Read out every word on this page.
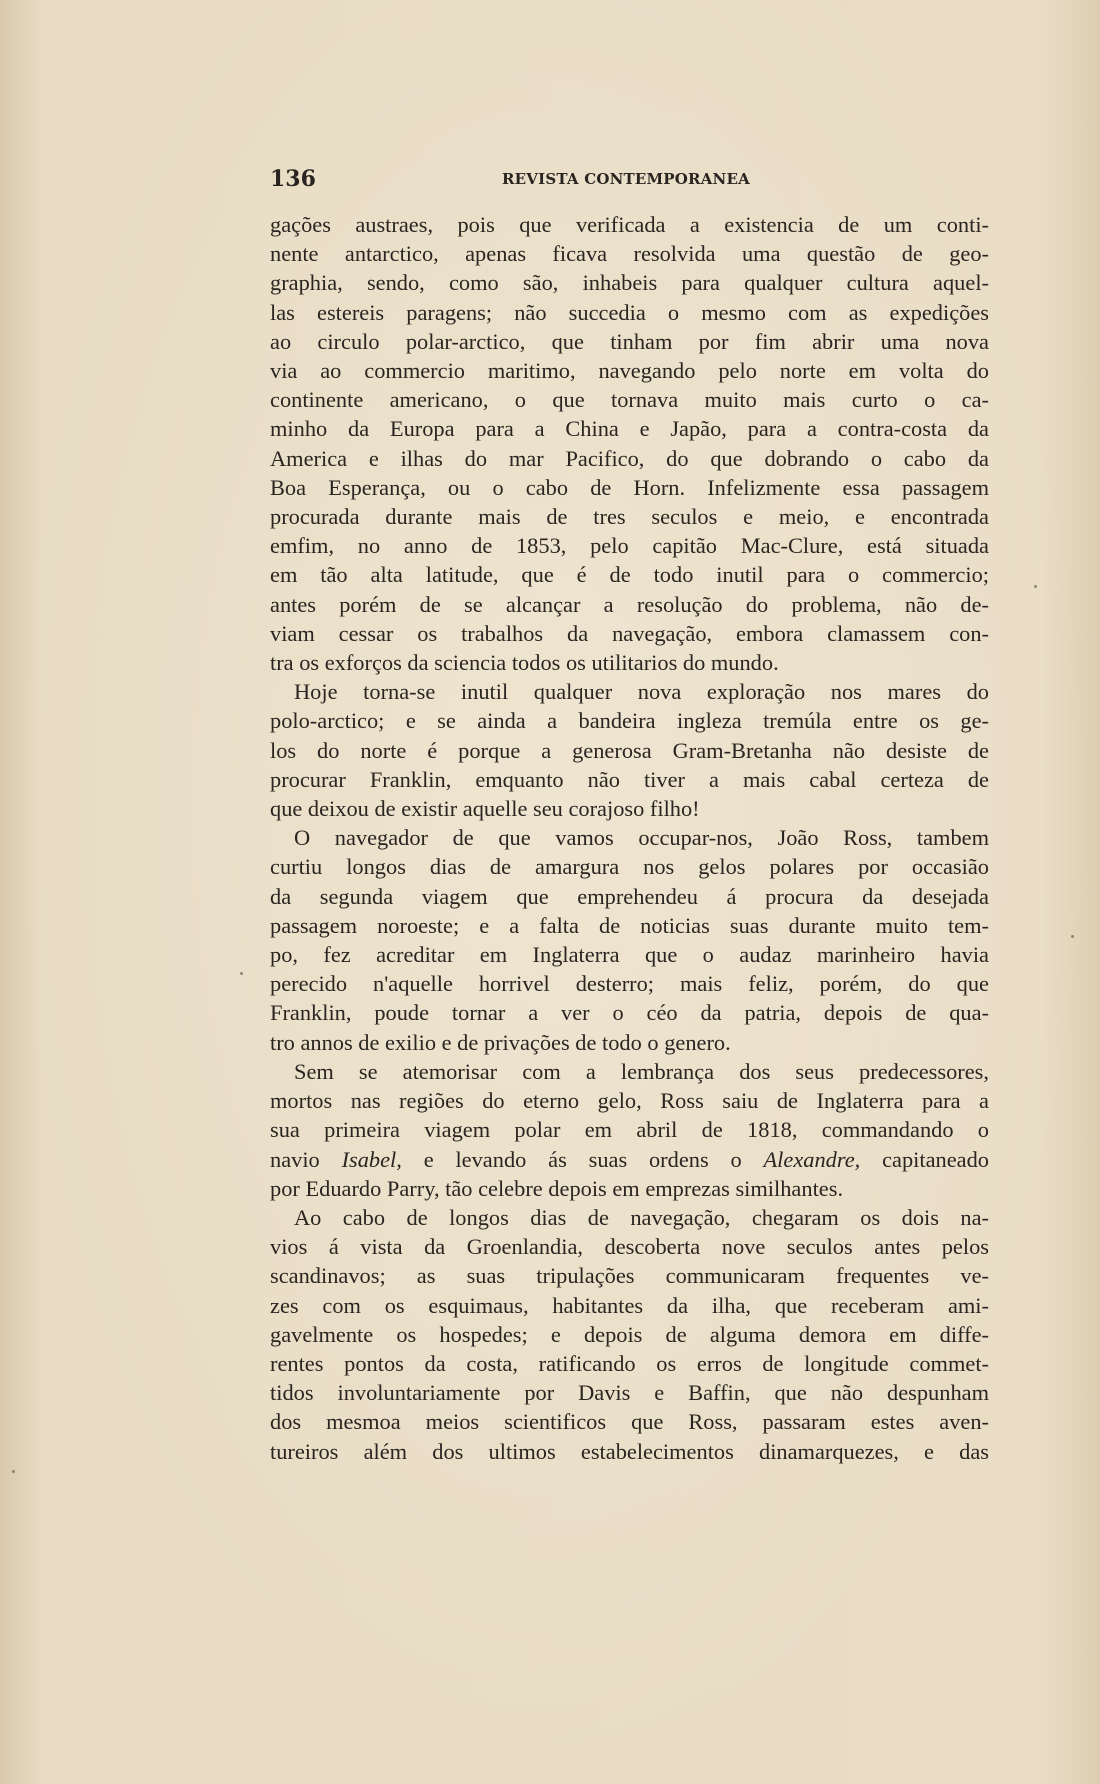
136	REVISTA CONTEMPORANEA

gações austraes, pois que verificada a existencia de um conti-

nente antarctico, apenas ficava resolvida uma questão de geo-

graphia, sendo, como são, inhabeis para qualquer cultura aquel-

las estereis paragens; não succedia o mesmo com as expedições

ao circulo polar-arctico, que tinham por fim abrir uma nova

via ao commercio maritimo, navegando pelo norte em volta do

continente americano, o que tornava muito mais curto o ca-

minho da Europa para a China e Japão, para a contra-costa da

America e ilhas do mar Pacifico, do que dobrando o cabo da

Boa Esperança, ou o cabo de Horn. Infelizmente essa passagem

procurada durante mais de tres seculos e meio, e encontrada

emfim, no anno de 1853, pelo capitão Mac-Clure, está situada

em tão alta latitude, que é de todo inutil para o commercio;

antes porém de se alcançar a resolução do problema, não de-

viam cessar os trabalhos da navegação, embora clamassem con-

tra os exforços da sciencia todos os utilitarios do mundo.

Hoje torna-se inutil qualquer nova exploração nos mares do

polo-arctico; e se ainda a bandeira ingleza tremúla entre os ge-

los do norte é porque a generosa Gram-Bretanha não desiste de

procurar Franklin, emquanto não tiver a mais cabal certeza de

que deixou de existir aquelle seu corajoso filho!

O navegador de que vamos occupar-nos, João Ross, tambem

curtiu longos dias de amargura nos gelos polares por occasião

da segunda viagem que emprehendeu á procura da desejada

passagem noroeste; e a falta de noticias suas durante muito tem-

po, fez acreditar em Inglaterra que o audaz marinheiro havia

perecido n'aquelle horrivel desterro; mais feliz, porém, do que

Franklin, poude tornar a ver o céo da patria, depois de qua-

tro annos de exilio e de privações de todo o genero.

Sem se atemorisar com a lembrança dos seus predecessores,

mortos nas regiões do eterno gelo, Ross saiu de Inglaterra para a

sua primeira viagem polar em abril de 1818, commandando o

navio Isabel, e levando ás suas ordens o Alexandre, capitaneado

por Eduardo Parry, tão celebre depois em emprezas similhantes.

Ao cabo de longos dias de navegação, chegaram os dois na-

vios á vista da Groenlandia, descoberta nove seculos antes pelos

scandinavos; as suas tripulações communicaram frequentes ve-

zes com os esquimaus, habitantes da ilha, que receberam ami-

gavelmente os hospedes; e depois de alguma demora em diffe-

rentes pontos da costa, ratificando os erros de longitude commet-

tidos involuntariamente por Davis e Baffin, que não despunham

dos mesmoa meios scientificos que Ross, passaram estes aven-

tureiros além dos ultimos estabelecimentos dinamarquezes, e das
